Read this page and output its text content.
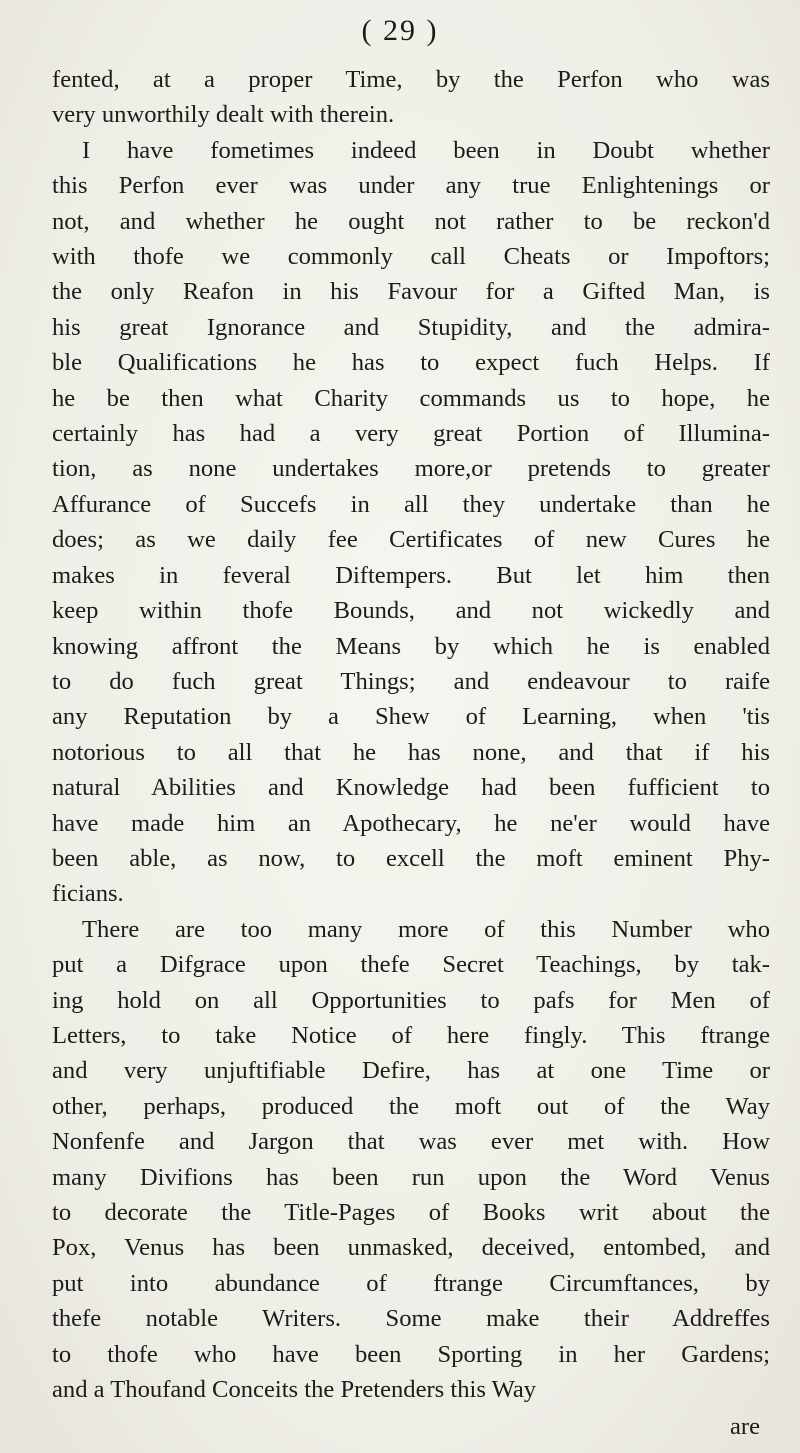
( 29 )
fented, at a proper Time, by the Perfon who was
very unworthily dealt with therein.
I have fometimes indeed been in Doubt whether
this Perfon ever was under any true Enlightenings or
not, and whether he ought not rather to be reckon'd
with thofe we commonly call Cheats or Impoftors;
the only Reafon in his Favour for a Gifted Man, is
his great Ignorance and Stupidity, and the admira-
ble Qualifications he has to expect fuch Helps. If
he be then what Charity commands us to hope, he
certainly has had a very great Portion of Illumina-
tion, as none undertakes more,or pretends to greater
Affurance of Succefs in all they undertake than he
does; as we daily fee Certificates of new Cures he
makes in feveral Diftempers. But let him then
keep within thofe Bounds, and not wickedly and
knowing affront the Means by which he is enabled
to do fuch great Things; and endeavour to raife
any Reputation by a Shew of Learning, when 'tis
notorious to all that he has none, and that if his
natural Abilities and Knowledge had been fufficient to
have made him an Apothecary, he ne'er would have
been able, as now, to excell the moft eminent Phy-
ficians.
There are too many more of this Number who
put a Difgrace upon thefe Secret Teachings, by tak-
ing hold on all Opportunities to pafs for Men of
Letters, to take Notice of here fingly. This ftrange
and very unjuftifiable Defire, has at one Time or
other, perhaps, produced the moft out of the Way
Nonfenfe and Jargon that was ever met with. How
many Divifions has been run upon the Word Venus
to decorate the Title-Pages of Books writ about the
Pox, Venus has been unmasked, deceived, entombed, and
put into abundance of ftrange Circumftances, by
thefe notable Writers. Some make their Addreffes
to thofe who have been Sporting in her Gardens;
and a Thoufand Conceits the Pretenders this Way
are
